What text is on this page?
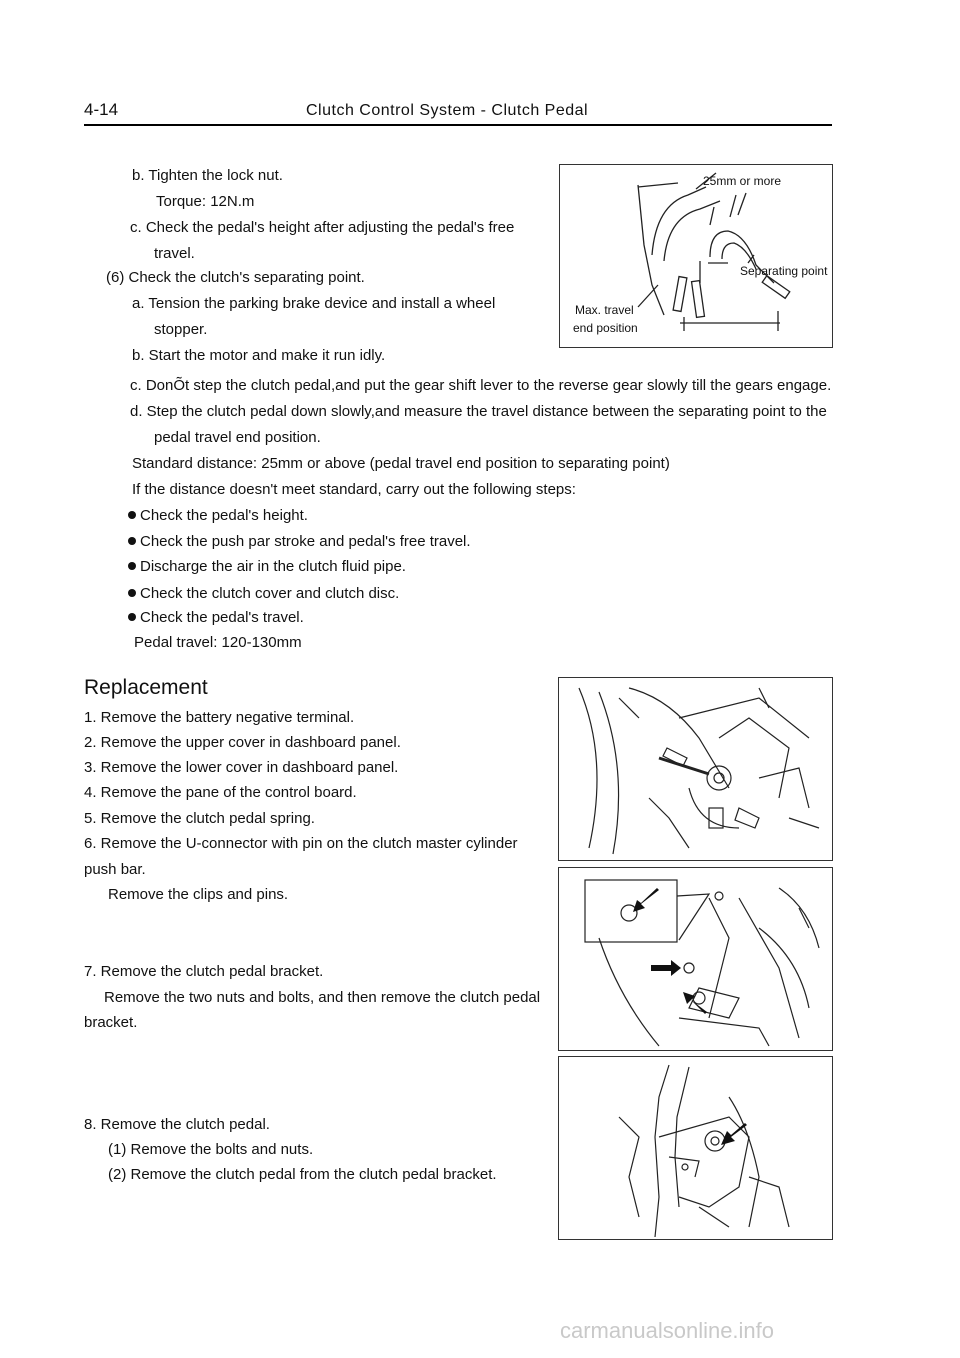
4-14	Clutch Control System - Clutch Pedal
b. Tighten the lock nut.
Torque: 12N.m
c. Check the pedal's height after adjusting the pedal's free
travel.
(6) Check the clutch's separating point.
a. Tension the parking brake device and install a wheel
stopper.
b. Start the motor and make it run idly.
c. DonÕt step the clutch pedal,and put the gear shift lever to the reverse gear slowly till the gears engage.
d. Step the clutch pedal down slowly,and measure the travel distance between the separating point to the
pedal travel end position.
Standard distance: 25mm or above (pedal travel end position to separating point)
If the distance doesn't meet standard, carry out the following steps:
Check the pedal's height.
Check the push par stroke and pedal's free travel.
Discharge the air in the clutch fluid pipe.
Check the clutch cover and clutch disc.
Check the pedal's travel.
Pedal travel: 120-130mm
25mm or more
Separating point
Max. travel
end position
Replacement
1. Remove the battery negative terminal.
2. Remove the upper cover in dashboard panel.
3. Remove the lower cover in dashboard panel.
4. Remove the pane of the control board.
5. Remove the clutch pedal spring.
6. Remove the U-connector with pin on the clutch master cylinder
push bar.
Remove the clips and pins.
7. Remove the clutch pedal bracket.
Remove the two nuts and bolts, and then remove the clutch pedal
bracket.
8. Remove the clutch pedal.
(1) Remove the bolts and nuts.
(2) Remove the clutch pedal from the clutch pedal bracket.
carmanualsonline.info
